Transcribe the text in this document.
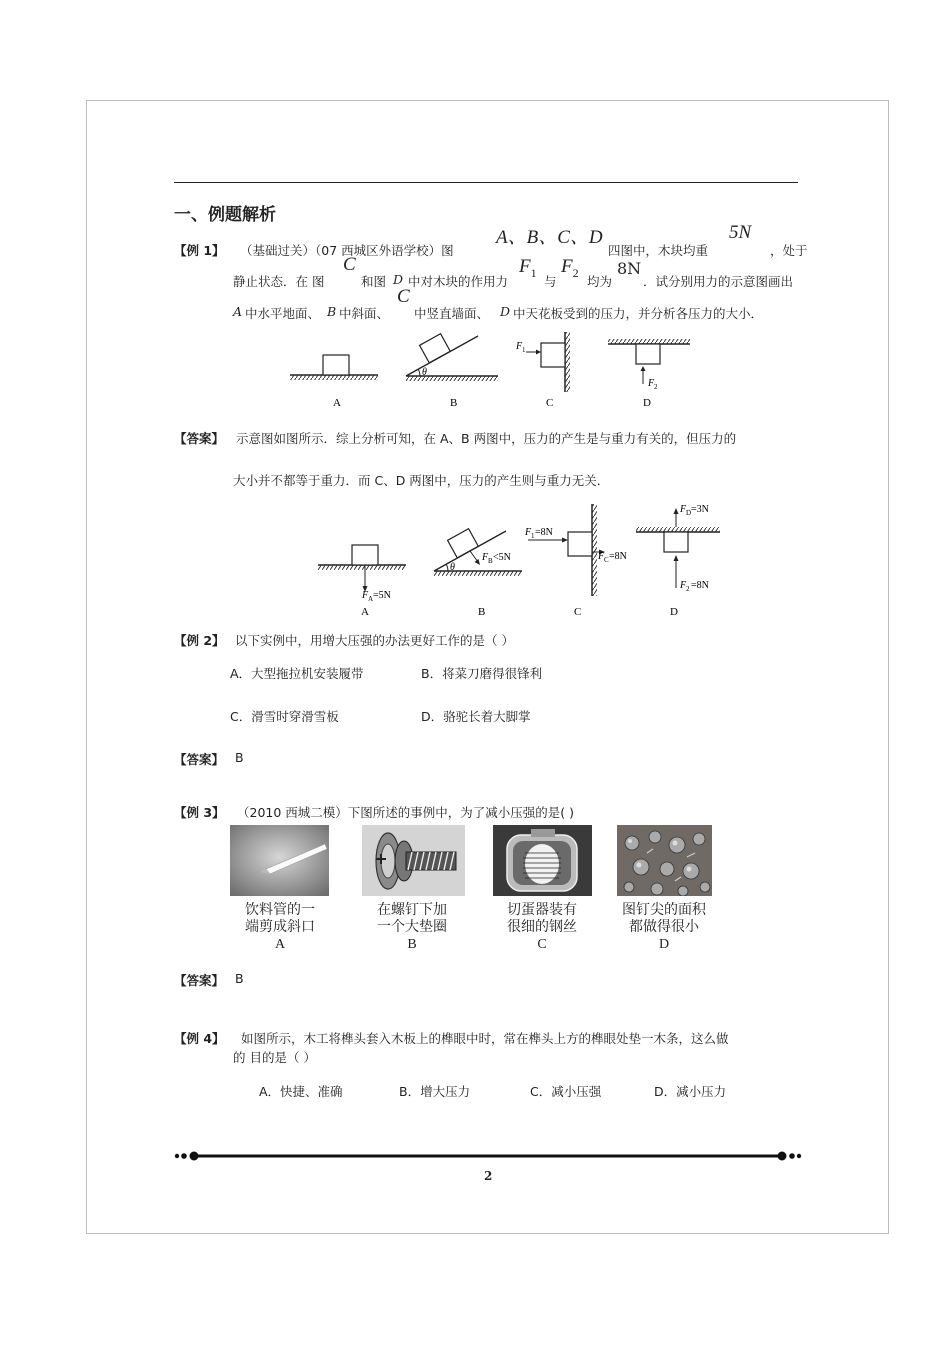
一、例题解析
【例 1】 （基础过关）（07 西城区外语学校）图
A、B、C、D
四图中，木块均重
5N
，处于
静止状态．在 图
C
和图 D 中对木块的作用力
$F_1$
与
$F_2$
均为
8N
．试分别用力的示意图画出
A 中水平地面、 B 中斜面、
C
中竖直墙面、 D 中天花板受到的压力，并分析各压力的大小．
θ
F 1
F 2
A	B	C	D
【答案】 示意图如图所示．综上分析可知，在 A、B 两图中，压力的产生是与重力有关的，但压力的
大小并不都等于重力．而 C、D 两图中，压力的产生则与重力无关．
F A =5N
θ
F B <5N
F 1 =8N
F C =8N
F D =3N
F 2 =8N
A	B	C	D
【例 2】 以下实例中，用增大压强的办法更好工作的是（ ）
A．大型拖拉机安装履带	B．将菜刀磨得很锋利
C．滑雪时穿滑雪板	D．骆驼长着大脚掌
【答案】 B
【例 3】 （2010 西城二模）下图所述的事例中，为了减小压强的是( )
饮料管的一
端剪成斜口
A
在螺钉下加
一个大垫圈
B
切蛋器装有
很细的钢丝
C
图钉尖的面积
都做得很小
D
【答案】 B
【例 4】 如图所示，木工将榫头套入木板上的榫眼中时，常在榫头上方的榫眼处垫一木条，这么做
的 目的是（ ）
A．快捷、准确	B．增大压力	C．减小压强	D．减小压力
2
